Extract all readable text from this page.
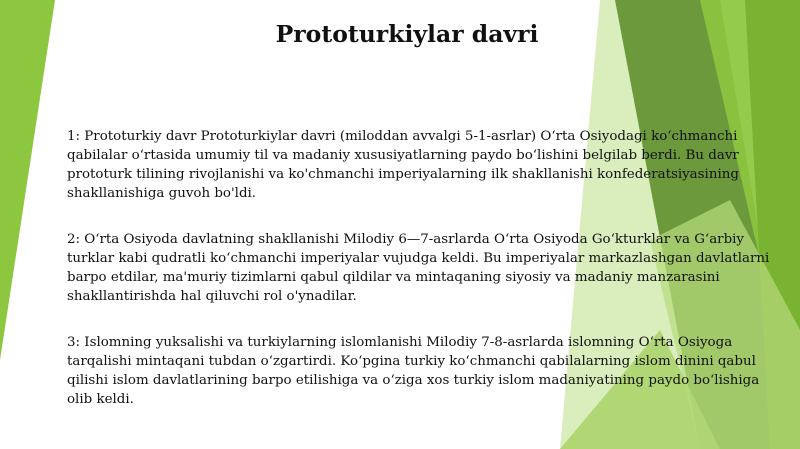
Prototurkiylar davri

1: Prototurkiy davr Prototurkiylar davri (miloddan avvalgi 5-1-asrlar) O‘rta Osiyodagi ko‘chmanchi qabilalar o‘rtasida umumiy til va madaniy xususiyatlarning paydo bo‘lishini belgilab berdi. Bu davr prototurk tilining rivojlanishi va ko'chmanchi imperiyalarning ilk shakllanishi konfederatsiyasining shakllanishiga guvoh bo'ldi.

2: O‘rta Osiyoda davlatning shakllanishi Milodiy 6—7-asrlarda O‘rta Osiyoda Go‘kturklar va G‘arbiy turklar kabi qudratli ko‘chmanchi imperiyalar vujudga keldi. Bu imperiyalar markazlashgan davlatlarni barpo etdilar, ma'muriy tizimlarni qabul qildilar va mintaqaning siyosiy va madaniy manzarasini shakllantirishda hal qiluvchi rol o'ynadilar.

3: Islomning yuksalishi va turkiylarning islomlanishi Milodiy 7-8-asrlarda islomning O‘rta Osiyoga tarqalishi mintaqani tubdan o‘zgartirdi. Ko‘pgina turkiy ko‘chmanchi qabilalarning islom dinini qabul qilishi islom davlatlarining barpo etilishiga va o‘ziga xos turkiy islom madaniyatining paydo bo‘lishiga olib keldi.
